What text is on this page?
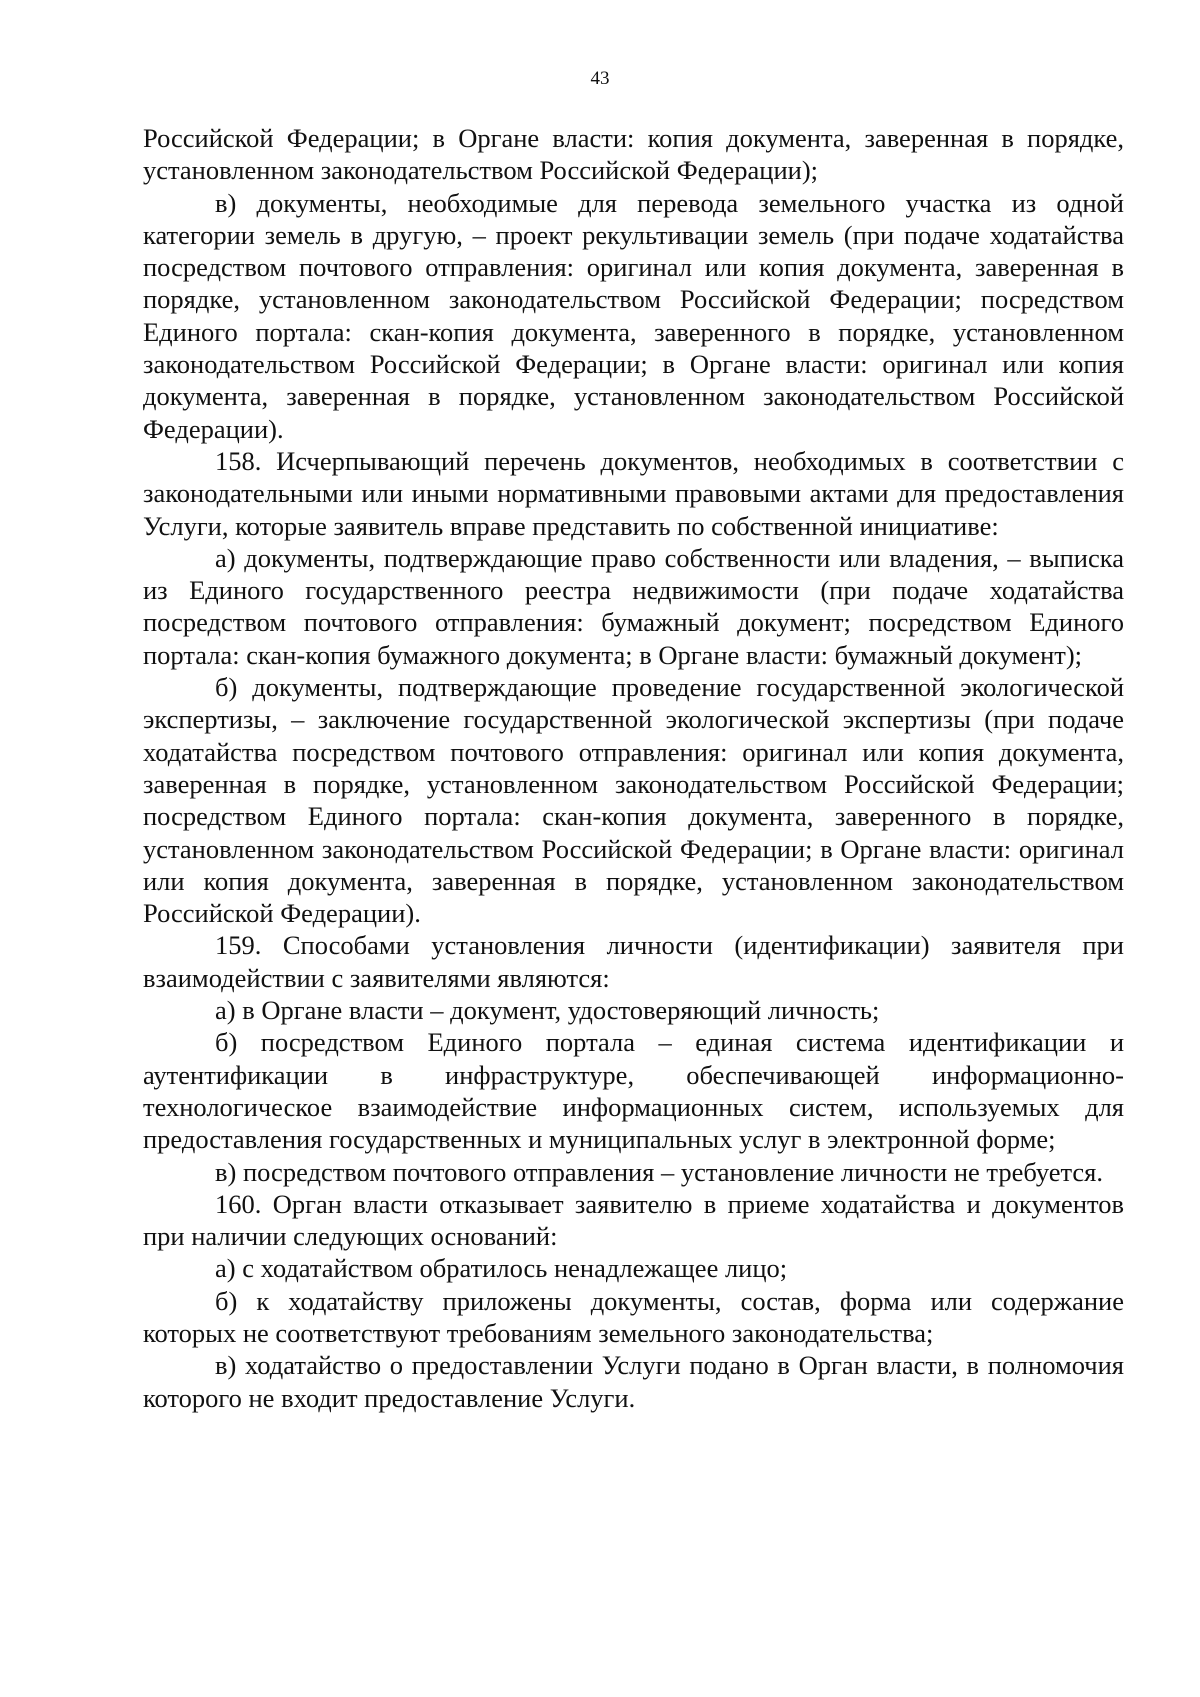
43

Российской Федерации; в Органе власти: копия документа, заверенная в порядке, установленном законодательством Российской Федерации);

в) документы, необходимые для перевода земельного участка из одной категории земель в другую, – проект рекультивации земель (при подаче ходатайства посредством почтового отправления: оригинал или копия документа, заверенная в порядке, установленном законодательством Российской Федерации; посредством Единого портала: скан-копия документа, заверенного в порядке, установленном законодательством Российской Федерации; в Органе власти: оригинал или копия документа, заверенная в порядке, установленном законодательством Российской Федерации).

158. Исчерпывающий перечень документов, необходимых в соответствии с законодательными или иными нормативными правовыми актами для предоставления Услуги, которые заявитель вправе представить по собственной инициативе:

а) документы, подтверждающие право собственности или владения, – выписка из Единого государственного реестра недвижимости (при подаче ходатайства посредством почтового отправления: бумажный документ; посредством Единого портала: скан-копия бумажного документа; в Органе власти: бумажный документ);

б) документы, подтверждающие проведение государственной экологической экспертизы, – заключение государственной экологической экспертизы (при подаче ходатайства посредством почтового отправления: оригинал или копия документа, заверенная в порядке, установленном законодательством Российской Федерации; посредством Единого портала: скан-копия документа, заверенного в порядке, установленном законодательством Российской Федерации; в Органе власти: оригинал или копия документа, заверенная в порядке, установленном законодательством Российской Федерации).

159. Способами установления личности (идентификации) заявителя при взаимодействии с заявителями являются:

а) в Органе власти – документ, удостоверяющий личность;

б) посредством Единого портала – единая система идентификации и аутентификации в инфраструктуре, обеспечивающей информационно-технологическое взаимодействие информационных систем, используемых для предоставления государственных и муниципальных услуг в электронной форме;

в) посредством почтового отправления – установление личности не требуется.

160. Орган власти отказывает заявителю в приеме ходатайства и документов при наличии следующих оснований:

а) с ходатайством обратилось ненадлежащее лицо;

б) к ходатайству приложены документы, состав, форма или содержание которых не соответствуют требованиям земельного законодательства;

в) ходатайство о предоставлении Услуги подано в Орган власти, в полномочия которого не входит предоставление Услуги.
